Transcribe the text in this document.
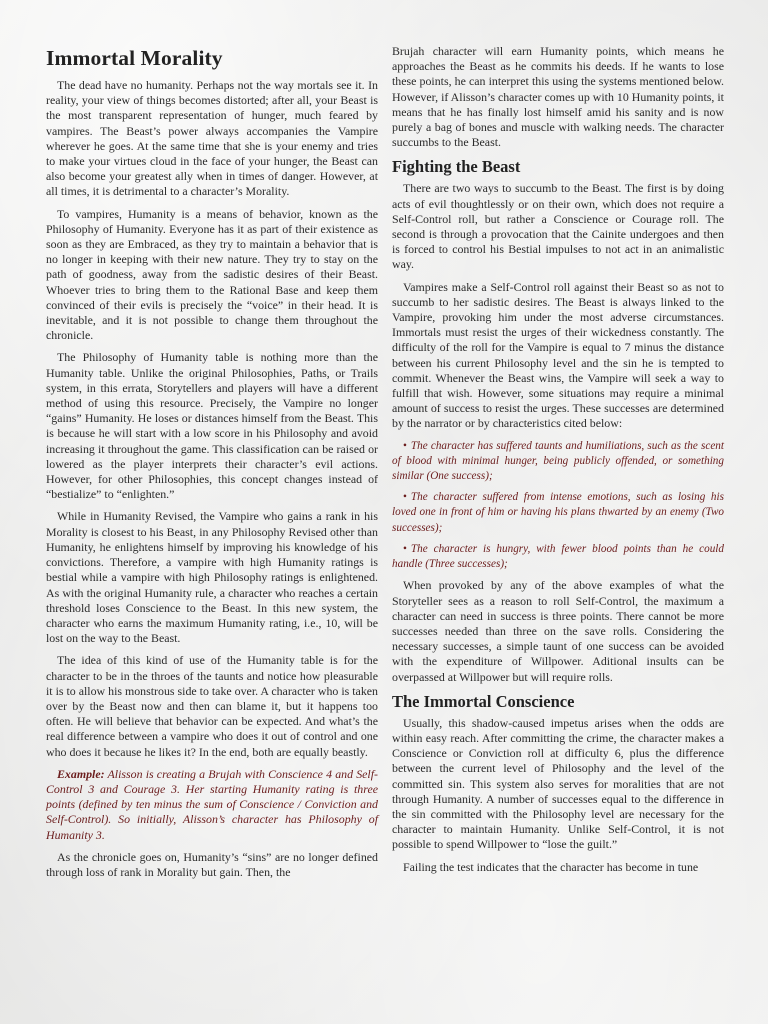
Immortal Morality

The dead have no humanity. Perhaps not the way mortals see it. In reality, your view of things becomes distorted; after all, your Beast is the most transparent representation of hunger, much feared by vampires. The Beast’s power always accompanies the Vampire wherever he goes. At the same time that she is your enemy and tries to make your virtues cloud in the face of your hunger, the Beast can also become your greatest ally when in times of danger. However, at all times, it is detrimental to a character’s Morality.

To vampires, Humanity is a means of behavior, known as the Philosophy of Humanity. Everyone has it as part of their existence as soon as they are Embraced, as they try to maintain a behavior that is no longer in keeping with their new nature. They try to stay on the path of goodness, away from the sadistic desires of their Beast. Whoever tries to bring them to the Rational Base and keep them convinced of their evils is precisely the “voice” in their head. It is inevitable, and it is not possible to change them throughout the chronicle.

The Philosophy of Humanity table is nothing more than the Humanity table. Unlike the original Philosophies, Paths, or Trails system, in this errata, Storytellers and players will have a different method of using this resource. Precisely, the Vampire no longer “gains” Humanity. He loses or distances himself from the Beast. This is because he will start with a low score in his Philosophy and avoid increasing it throughout the game. This classification can be raised or lowered as the player interprets their character’s evil actions. However, for other Philosophies, this concept changes instead of “bestialize” to “enlighten.”

While in Humanity Revised, the Vampire who gains a rank in his Morality is closest to his Beast, in any Philosophy Revised other than Humanity, he enlightens himself by improving his knowledge of his convictions. Therefore, a vampire with high Humanity ratings is bestial while a vampire with high Philosophy ratings is enlightened. As with the original Humanity rule, a character who reaches a certain threshold loses Conscience to the Beast. In this new system, the character who earns the maximum Humanity rating, i.e., 10, will be lost on the way to the Beast.

The idea of this kind of use of the Humanity table is for the character to be in the throes of the taunts and notice how pleasurable it is to allow his monstrous side to take over. A character who is taken over by the Beast now and then can blame it, but it happens too often. He will believe that behavior can be expected. And what’s the real difference between a vampire who does it out of control and one who does it because he likes it? In the end, both are equally beastly.

Example: Alisson is creating a Brujah with Conscience 4 and Self-Control 3 and Courage 3. Her starting Humanity rating is three points (defined by ten minus the sum of Conscience / Conviction and Self-Control). So initially, Alisson’s character has Philosophy of Humanity 3.

As the chronicle goes on, Humanity’s “sins” are no longer defined through loss of rank in Morality but gain. Then, the

Brujah character will earn Humanity points, which means he approaches the Beast as he commits his deeds. If he wants to lose these points, he can interpret this using the systems mentioned below. However, if Alisson’s character comes up with 10 Humanity points, it means that he has finally lost himself amid his sanity and is now purely a bag of bones and muscle with walking needs. The character succumbs to the Beast.

Fighting the Beast

There are two ways to succumb to the Beast. The first is by doing acts of evil thoughtlessly or on their own, which does not require a Self-Control roll, but rather a Conscience or Courage roll. The second is through a provocation that the Cainite undergoes and then is forced to control his Bestial impulses to not act in an animalistic way.

Vampires make a Self-Control roll against their Beast so as not to succumb to her sadistic desires. The Beast is always linked to the Vampire, provoking him under the most adverse circumstances. Immortals must resist the urges of their wickedness constantly. The difficulty of the roll for the Vampire is equal to 7 minus the distance between his current Philosophy level and the sin he is tempted to commit. Whenever the Beast wins, the Vampire will seek a way to fulfill that wish. However, some situations may require a minimal amount of success to resist the urges. These successes are determined by the narrator or by characteristics cited below:

• The character has suffered taunts and humiliations, such as the scent of blood with minimal hunger, being publicly offended, or something similar (One success);
• The character suffered from intense emotions, such as losing his loved one in front of him or having his plans thwarted by an enemy (Two successes);
• The character is hungry, with fewer blood points than he could handle (Three successes);

When provoked by any of the above examples of what the Storyteller sees as a reason to roll Self-Control, the maximum a character can need in success is three points. There cannot be more successes needed than three on the save rolls. Considering the necessary successes, a simple taunt of one success can be avoided with the expenditure of Willpower. Aditional insults can be overpassed at Willpower but will require rolls.

The Immortal Conscience

Usually, this shadow-caused impetus arises when the odds are within easy reach. After committing the crime, the character makes a Conscience or Conviction roll at difficulty 6, plus the difference between the current level of Philosophy and the level of the committed sin. This system also serves for moralities that are not through Humanity. A number of successes equal to the difference in the sin committed with the Philosophy level are necessary for the character to maintain Humanity. Unlike Self-Control, it is not possible to spend Willpower to “lose the guilt.”

Failing the test indicates that the character has become in tune
